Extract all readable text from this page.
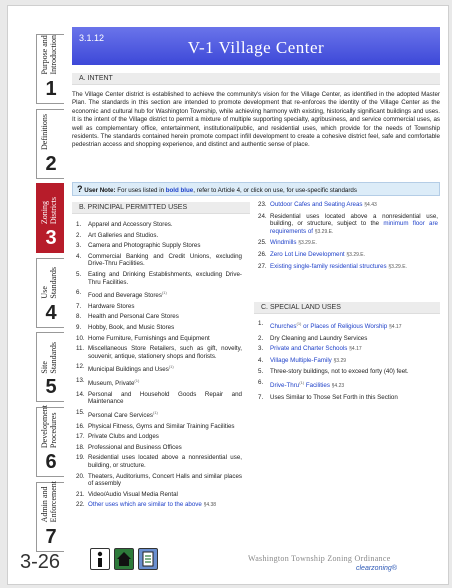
Purpose and
Introduction
1
Definitions
2
Zoning
Districts
3
Use
Standards
4
Site
Standards
5
Development
Procedures
6
Admin and
Enforcement
7
3.1.12	V-1 Village Center
A. INTENT
The Village Center district is established to achieve the community's vision for the Village Center, as identified in the adopted Master Plan. The standards in this section are intended to promote development that re-enforces the identity of the Village Center as the economic and cultural hub for Washington Township, while achieving harmony with existing, historically significant buildings and uses. It is the intent of the Village district to permit a mixture of multiple supporting specialty, agribusiness, and service commercial uses, as well as complementary office, entertainment, institutional/public, and residential uses, which provide for the needs of Township residents. The standards contained herein promote compact infill development to create a cohesive district feel, safe and comfortable pedestrian access and shopping experience, and distinct and authentic sense of place.
? User Note: For uses listed in bold blue, refer to Article 4, or click on use, for use-specific standards
B. PRINCIPAL PERMITTED USES
1. Apparel and Accessory Stores.
2. Art Galleries and Studios.
3. Camera and Photographic Supply Stores
4. Commercial Banking and Credit Unions, excluding Drive-Thru Facilities.
5. Eating and Drinking Establishments, excluding Drive-Thru Facilities.
6. Food and Beverage Stores$^{(1)}$
7. Hardware Stores
8. Health and Personal Care Stores
9. Hobby, Book, and Music Stores
10. Home Furniture, Furnishings and Equipment
11. Miscellaneous Store Retailers, such as gift, novelty, souvenir, antique, stationery shops and florists.
12. Municipal Buildings and Uses$^{(1)}$
13. Museum, Private$^{(1)}$
14. Personal and Household Goods Repair and Maintenance
15. Personal Care Services$^{(1)}$
16. Physical Fitness, Gyms and Similar Training Facilities
17. Private Clubs and Lodges
18. Professional and Business Offices
19. Residential uses located above a nonresidential use, building, or structure.
20. Theaters, Auditoriums, Concert Halls and similar places of assembly
21. Video/Audio Visual Media Rental
22. Other uses which are similar to the above §4.38
23. Outdoor Cafes and Seating Areas §4.43
24. Residential uses located above a nonresidential use, building, or structure, subject to the minimum floor are requirements of §3.29.E.
25. Windmills §3.29.E.
26. Zero Lot Line Development §3.29.E.
27. Existing single-family residential structures §3.29.E.
C. SPECIAL LAND USES
1. Churches$^{(1)}$ or Places of Religious Worship §4.17
2. Dry Cleaning and Laundry Services
3. Private and Charter Schools §4.17
4. Village Multiple-Family §3.29
5. Three-story buildings, not to exceed forty (40) feet.
6. Drive-Thru$^{(1)}$ Facilities §4.23
7. Uses Similar to Those Set Forth in this Section
3-26	Washington Township Zoning Ordinance
clearzoning®
